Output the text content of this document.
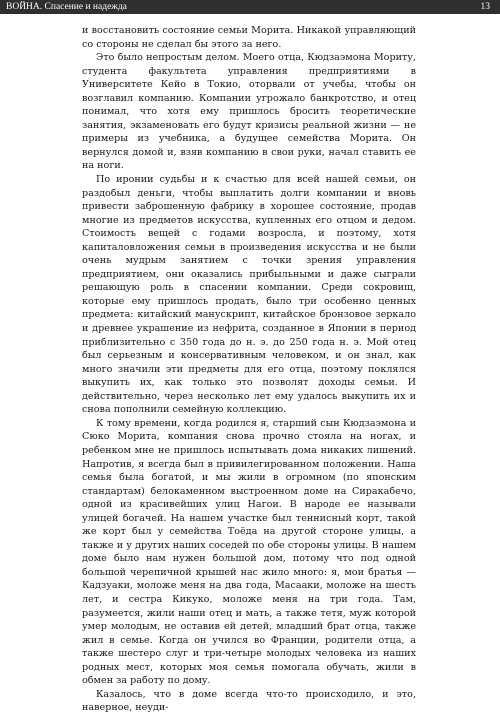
ВОЙНА. Спасение и надежда	13

и восстановить состояние семьи Морита. Никакой управляющий со стороны не сделал бы этого за него.

Это было непростым делом. Моего отца, Кюдзаэмона Мориту, студента факультета управления предприятиями в Университете Кейо в Токио, оторвали от учебы, чтобы он возглавил компанию. Компании угрожало банкротство, и отец понимал, что хотя ему пришлось бросить теоретические занятия, экзаменовать его будут кризисы реальной жизни — не примеры из учебника, а будущее семейства Морита. Он вернулся домой и, взяв компанию в свои руки, начал ставить ее на ноги.

По иронии судьбы и к счастью для всей нашей семьи, он раздобыл деньги, чтобы выплатить долги компании и вновь привести заброшенную фабрику в хорошее состояние, продав многие из предметов искусства, купленных его отцом и дедом. Стоимость вещей с годами возросла, и поэтому, хотя капиталовложения семьи в произведения искусства и не были очень мудрым занятием с точки зрения управления предприятием, они оказались прибыльными и даже сыграли решающую роль в спасении компании. Среди сокровищ, которые ему пришлось продать, было три особенно ценных предмета: китайский манускрипт, китайское бронзовое зеркало и древнее украшение из нефрита, созданное в Японии в период приблизительно с 350 года до н. э. до 250 года н. э. Мой отец был серьезным и консервативным человеком, и он знал, как много значили эти предметы для его отца, поэтому поклялся выкупить их, как только это позволят доходы семьи. И действительно, через несколько лет ему удалось выкупить их и снова пополнили семейную коллекцию.

К тому времени, когда родился я, старший сын Кюдзаэмона и Сюко Морита, компания снова прочно стояла на ногах, и ребенком мне не пришлось испытывать дома никаких лишений. Напротив, я всегда был в привилегированном положении. Наша семья была богатой, и мы жили в огромном (по японским стандартам) белокаменном выстроенном доме на Сиракабечо, одной из красивейших улиц Нагои. В народе ее называли улицей богачей. На нашем участке был теннисный корт, такой же корт был у семейства Тоёда на другой стороне улицы, а также и у других наших соседей по обе стороны улицы. В нашем доме было нам нужен большой дом, потому что под одной большой черепичной крышей нас жило много: я, мои братья — Кадзуаки, моложе меня на два года, Масааки, моложе на шесть лет, и сестра Кикуко, моложе меня на три года. Там, разумеется, жили наши отец и мать, а также тетя, муж которой умер молодым, не оставив ей детей, младший брат отца, также жил в семье. Когда он учился во Франции, родители отца, а также шестеро слуг и три-четыре молодых человека из наших родных мест, которых моя семья помогала обучать, жили в обмен за работу по дому.

Казалось, что в доме всегда что-то происходило, и это, наверное, неуди-
